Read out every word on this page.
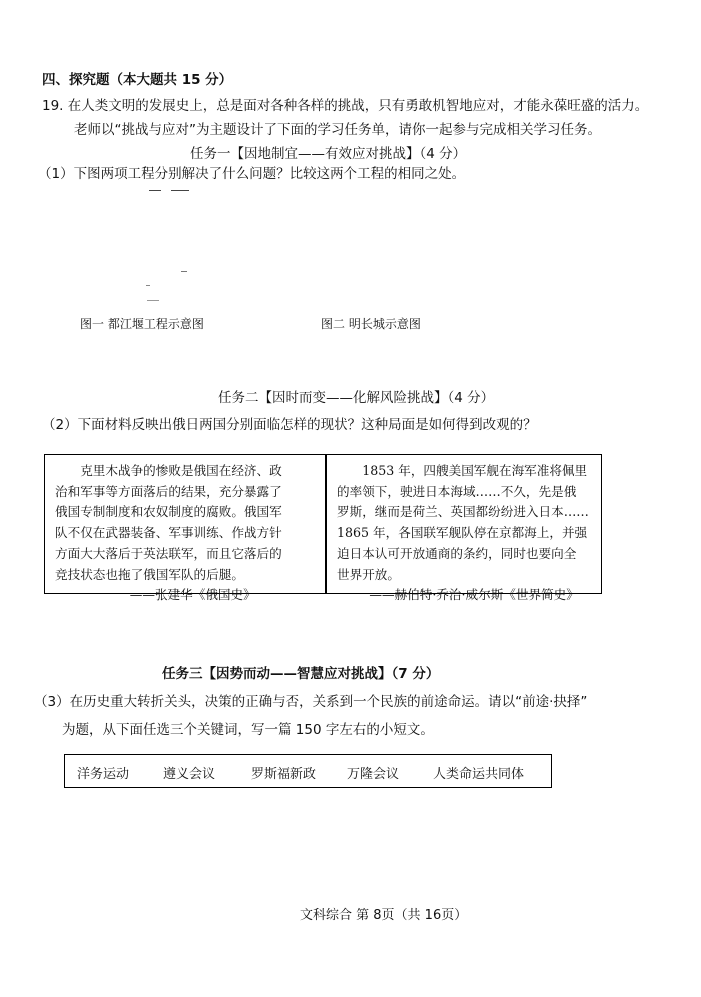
四、探究题（本大题共 15 分）
19. 在人类文明的发展史上，总是面对各种各样的挑战，只有勇敢机智地应对，才能永葆旺盛的活力。
老师以“挑战与应对”为主题设计了下面的学习任务单，请你一起参与完成相关学习任务。
任务一【因地制宜——有效应对挑战】（4 分）
（1）下图两项工程分别解决了什么问题？比较这两个工程的相同之处。
图一 都江堰工程示意图	图二 明长城示意图
任务二【因时而变——化解风险挑战】（4 分）
（2）下面材料反映出俄日两国分别面临怎样的现状？这种局面是如何得到改观的？
　　克里木战争的惨败是俄国在经济、政
治和军事等方面落后的结果，充分暴露了
俄国专制制度和农奴制度的腐败。俄国军
队不仅在武器装备、军事训练、作战方针
方面大大落后于英法联军，而且它落后的
竞技状态也拖了俄国军队的后腿。
——张建华《俄国史》
　　1853 年，四艘美国军舰在海军准将佩里
的率领下，驶进日本海域……不久，先是俄
罗斯，继而是荷兰、英国都纷纷进入日本……
1865 年，各国联军舰队停在京都海上，并强
迫日本认可开放通商的条约，同时也要向全
世界开放。
——赫伯特·乔治·威尔斯《世界简史》
任务三【因势而动——智慧应对挑战】（7 分）
（3）在历史重大转折关头，决策的正确与否，关系到一个民族的前途命运。请以“前途·抉择”
为题，从下面任选三个关键词，写一篇 150 字左右的小短文。
洋务运动	遵义会议	罗斯福新政 万隆会议	人类命运共同体
文科综合 第 8页（共 16页）
